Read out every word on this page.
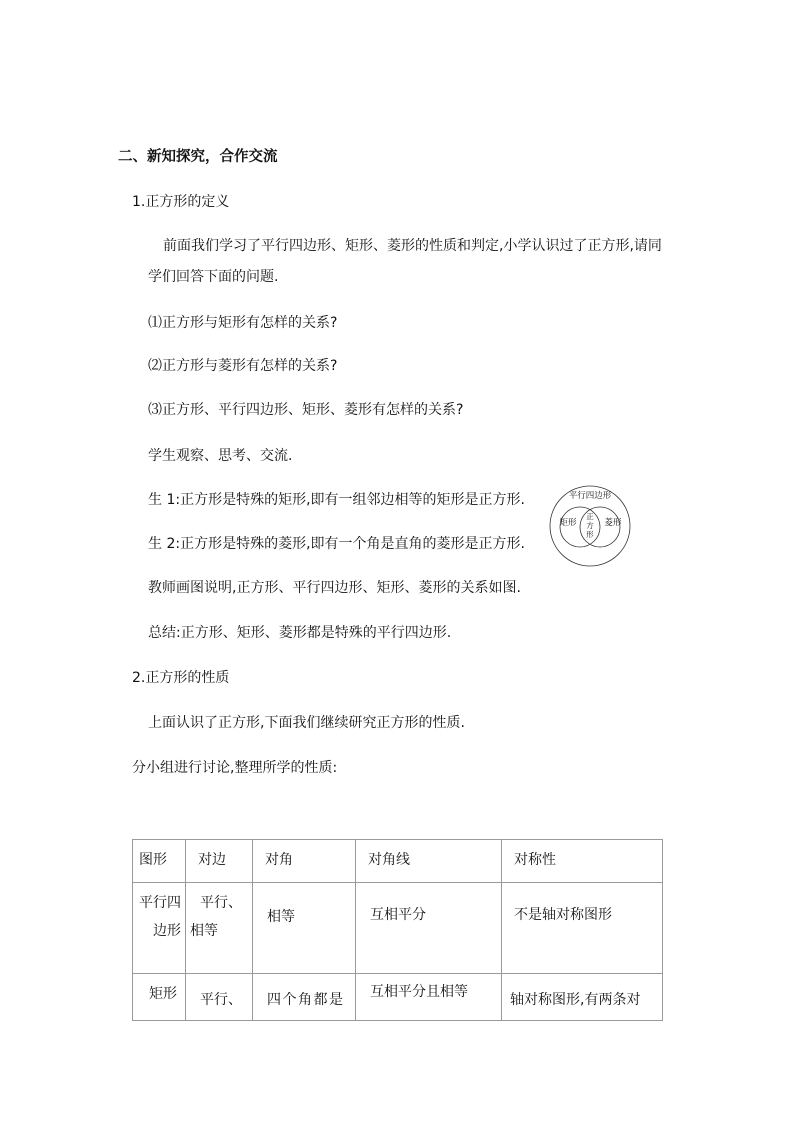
二、新知探究，合作交流
1.正方形的定义
前面我们学习了平行四边形、矩形、菱形的性质和判定,小学认识过了正方形,请同
学们回答下面的问题.
⑴正方形与矩形有怎样的关系?
⑵正方形与菱形有怎样的关系?
⑶正方形、平行四边形、矩形、菱形有怎样的关系?
学生观察、思考、交流.
生 1:正方形是特殊的矩形,即有一组邻边相等的矩形是正方形.
生 2:正方形是特殊的菱形,即有一个角是直角的菱形是正方形.
教师画图说明,正方形、平行四边形、矩形、菱形的关系如图.
总结:正方形、矩形、菱形都是特殊的平行四边形.
平行四边形
矩形	菱形
正
方
形
2.正方形的性质
上面认识了正方形,下面我们继续研究正方形的性质.
分小组进行讨论,整理所学的性质:
图形	对边	对角	对角线	对称性
平行四边形	平行、相等	相等	互相平分	不是轴对称图形
矩形	平行、	四个角都是	互相平分且相等	轴对称图形,有两条对
